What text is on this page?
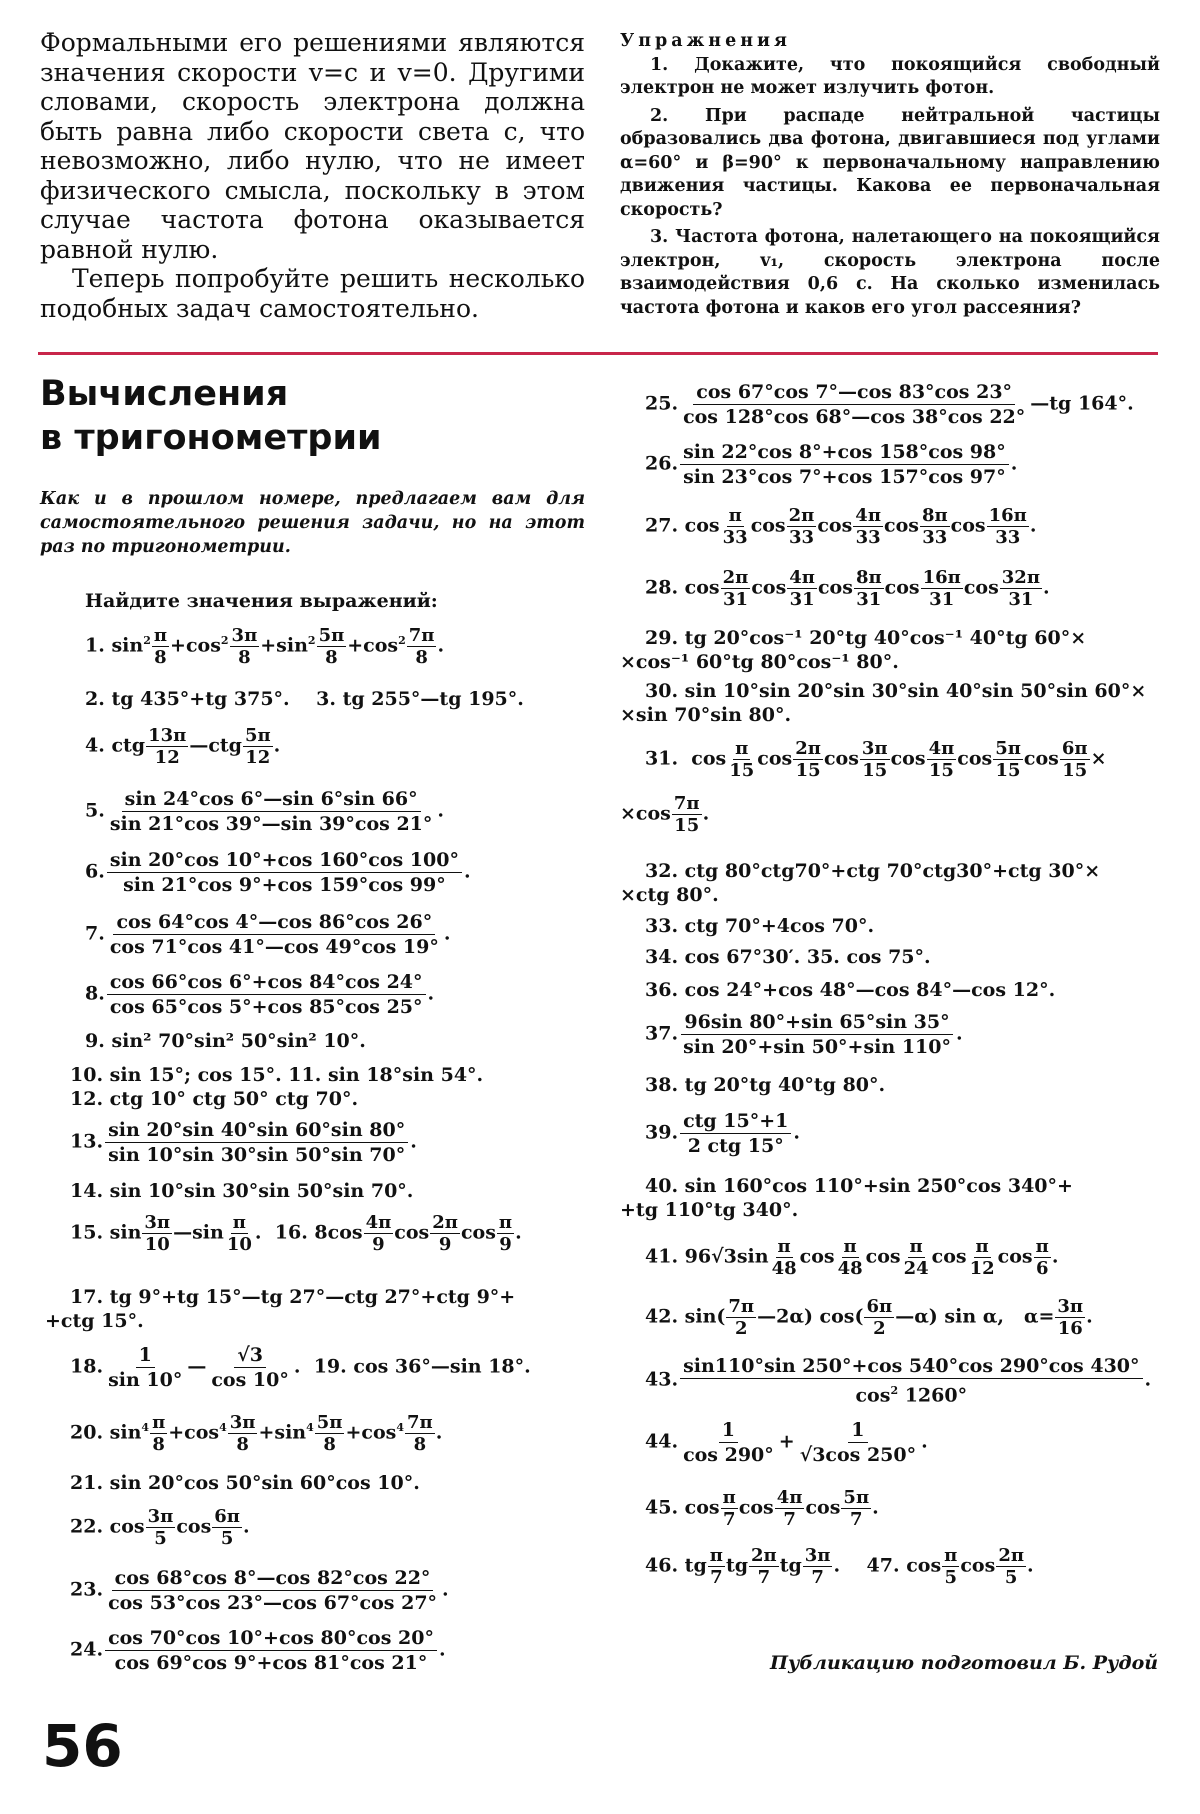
Формальными его решениями являются значения скорости v=c и v=0. Другими словами, скорость электрона должна быть равна либо скорости света c, что невозможно, либо нулю, что не имеет физического смысла, поскольку в этом случае частота фотона оказывается равной нулю.

Теперь попробуйте решить несколько подобных задач самостоятельно.

Упражнения

1. Докажите, что покоящийся свободный электрон не может излучить фотон.

2. При распаде нейтральной частицы образовались два фотона, двигавшиеся под углами α=60° и β=90° к первоначальному направлению движения частицы. Какова ее первоначальная скорость?

3. Частота фотона, налетающего на покоящийся электрон, v₁, скорость электрона после взаимодействия 0,6 c. На сколько изменилась частота фотона и каков его угол рассеяния?

Вычисления
в тригонометрии
Как и в прошлом номере, предлагаем вам для самостоятельного решения задачи, но на этот раз по тригонометрии.
Найдите значения выражений:
1. $\sin^2 \frac{\pi}{8} +\cos^2 \frac{3\pi}{8} +\sin^2 \frac{5\pi}{8} +\cos^2 \frac{7\pi}{8}$ .
2. tg 435°+tg 375°. 3. tg 255°—tg 195°.
4. ctg $\frac{13\pi}{12}$ —ctg $\frac{5\pi}{12}$ .
5. $\frac{\sin 24^\circ\cos 6^\circ—\sin 6^\circ\sin 66^\circ}{\sin 21^\circ\cos 39^\circ—\sin 39^\circ\cos 21^\circ}$ .
6. $\frac{\sin 20^\circ\cos 10^\circ+\cos 160^\circ\cos 100^\circ}{\sin 21^\circ\cos 9^\circ+\cos 159^\circ\cos 99^\circ}$ .
7. $\frac{\cos 64^\circ\cos 4^\circ—\cos 86^\circ\cos 26^\circ}{\cos 71^\circ\cos 41^\circ—\cos 49^\circ\cos 19^\circ}$ .
8. $\frac{\cos 66^\circ\cos 6^\circ+\cos 84^\circ\cos 24^\circ}{\cos 65^\circ\cos 5^\circ+\cos 85^\circ\cos 25^\circ}$ .
9. sin² 70°sin² 50°sin² 10°.
10. sin 15°; cos 15°. 11. sin 18°sin 54°.
12. ctg 10° ctg 50° ctg 70°.
13. $\frac{\sin 20^\circ\sin 40^\circ\sin 60^\circ\sin 80^\circ}{\sin 10^\circ\sin 30^\circ\sin 50^\circ\sin 70^\circ}$ .
14. sin 10°sin 30°sin 50°sin 70°.
15. $\sin \frac{3\pi}{10}$ —sin $\frac{\pi}{10}$ .  16. $8\cos \frac{4\pi}{9}$ $\cos \frac{2\pi}{9}$ $\cos \frac{\pi}{9}$ .
17. tg 9°+tg 15°—tg 27°—ctg 27°+ctg 9°+
+ctg 15°.
18. $\frac{1}{\sin 10^\circ}$ — $\frac{√3}{\cos 10^\circ}$ .  19. cos 36°—sin 18°.
20. $\sin^4 \frac{\pi}{8} +\cos^4 \frac{3\pi}{8} +\sin^4 \frac{5\pi}{8} +\cos^4 \frac{7\pi}{8}$ .
21. sin 20°cos 50°sin 60°cos 10°.
22. $\cos \frac{3\pi}{5}$ $\cos \frac{6\pi}{5}$ .
23. $\frac{\cos 68^\circ\cos 8^\circ—\cos 82^\circ\cos 22^\circ}{\cos 53^\circ\cos 23^\circ—\cos 67^\circ\cos 27^\circ}$ .
24. $\frac{\cos 70^\circ\cos 10^\circ+\cos 80^\circ\cos 20^\circ}{\cos 69^\circ\cos 9^\circ+\cos 81^\circ\cos 21^\circ}$ .
25. $\frac{\cos 67^\circ\cos 7^\circ—\cos 83^\circ\cos 23^\circ}{\cos 128^\circ\cos 68^\circ—\cos 38^\circ\cos 22^\circ}$ —tg 164°.
26. $\frac{\sin 22^\circ\cos 8^\circ+\cos 158^\circ\cos 98^\circ}{\sin 23^\circ\cos 7^\circ+\cos 157^\circ\cos 97^\circ}$ .
27. $\cos \frac{\pi}{33}$ $\cos \frac{2\pi}{33}$ $\cos \frac{4\pi}{33}$ $\cos \frac{8\pi}{33}$ $\cos \frac{16\pi}{33}$ .
28. $\cos \frac{2\pi}{31}$ $\cos \frac{4\pi}{31}$ $\cos \frac{8\pi}{31}$ $\cos \frac{16\pi}{31}$ $\cos \frac{32\pi}{31}$ .
29. tg 20°cos⁻¹ 20°tg 40°cos⁻¹ 40°tg 60°×
×cos⁻¹ 60°tg 80°cos⁻¹ 80°.
30. sin 10°sin 20°sin 30°sin 40°sin 50°sin 60°×
×sin 70°sin 80°.
31.  $\cos \frac{\pi}{15}$ $\cos \frac{2\pi}{15}$ $\cos \frac{3\pi}{15}$ $\cos \frac{4\pi}{15}$ $\cos \frac{5\pi}{15}$ $\cos \frac{6\pi}{15}$ ×
$\times\cos \frac{7\pi}{15}$ .
32. ctg 80°ctg70°+ctg 70°ctg30°+ctg 30°×
×ctg 80°.
33. ctg 70°+4cos 70°.
34. cos 67°30′. 35. cos 75°.
36. cos 24°+cos 48°—cos 84°—cos 12°.
37. $\frac{96\sin 80^\circ+\sin 65^\circ\sin 35^\circ}{\sin 20^\circ+\sin 50^\circ+\sin 110^\circ}$ .
38. tg 20°tg 40°tg 80°.
39. $\frac{\text{ctg 15°+1}}{\text{2 ctg 15°}}$ .
40. sin 160°cos 110°+sin 250°cos 340°+
+tg 110°tg 340°.
41. $96√3\sin \frac{\pi}{48}$ $\cos \frac{\pi}{48}$ $\cos \frac{\pi}{24}$ $\cos \frac{\pi}{12}$ $\cos \frac{\pi}{6}$ .
42. $\sin( \frac{7\pi}{2}$ —2α) $\cos( \frac{6\pi}{2}$ —α) sin α,   $\alpha= \frac{3\pi}{16}$ .
43. $\frac{\sin 110^\circ\sin 250^\circ+\cos 540^\circ\cos 290^\circ\cos 430^\circ}{\cos^2 1260^\circ}$ .
44. $\frac{1}{\cos 290^\circ} + \frac{1}{√3\cos 250^\circ}$ .
45. $\cos \frac{\pi}{7}$ $\cos \frac{4\pi}{7}$ $\cos \frac{5\pi}{7}$ .
46. tg $\frac{\pi}{7}$ tg $\frac{2\pi}{7}$ tg $\frac{3\pi}{7}$ .    47. $\cos \frac{\pi}{5}$ $\cos \frac{2\pi}{5}$ .
Публикацию подготовил Б. Рудой
56
